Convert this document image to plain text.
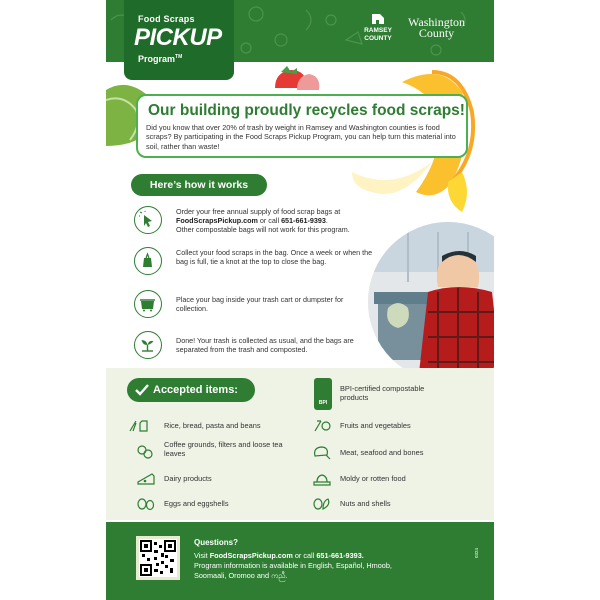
Food Scraps
PICKUP
Program™
RAMSEY
COUNTY
Washington
County
Our building proudly recycles food scraps!
Did you know that over 20% of trash by weight in Ramsey and Washington counties is food scraps? By participating in the Food Scraps Pickup Program, you can help turn this material into soil, rather than waste!
Here’s how it works
Order your free annual supply of food scrap bags at FoodScrapsPickup.com or call 651-661-9393.
Other compostable bags will not work for this program.
Collect your food scraps in the bag. Once a week or when the bag is full, tie a knot at the top to close the bag.
Place your bag inside your trash cart or dumpster for collection.
Done! Your trash is collected as usual, and the bags are separated from the trash and composted.
Accepted items:
Rice, bread, pasta and beans
Coffee grounds, filters and loose tea leaves
Dairy products
Eggs and eggshells
BPI
BPI-certified compostable products
Fruits and vegetables
Meat, seafood and bones
Moldy or rotten food
Nuts and shells
Questions?
Visit FoodScrapsPickup.com or call 651-661-9393.
Program information is available in English, Español, Hmoob,
Soomaali, Oromoo and ကညီ.
0324
